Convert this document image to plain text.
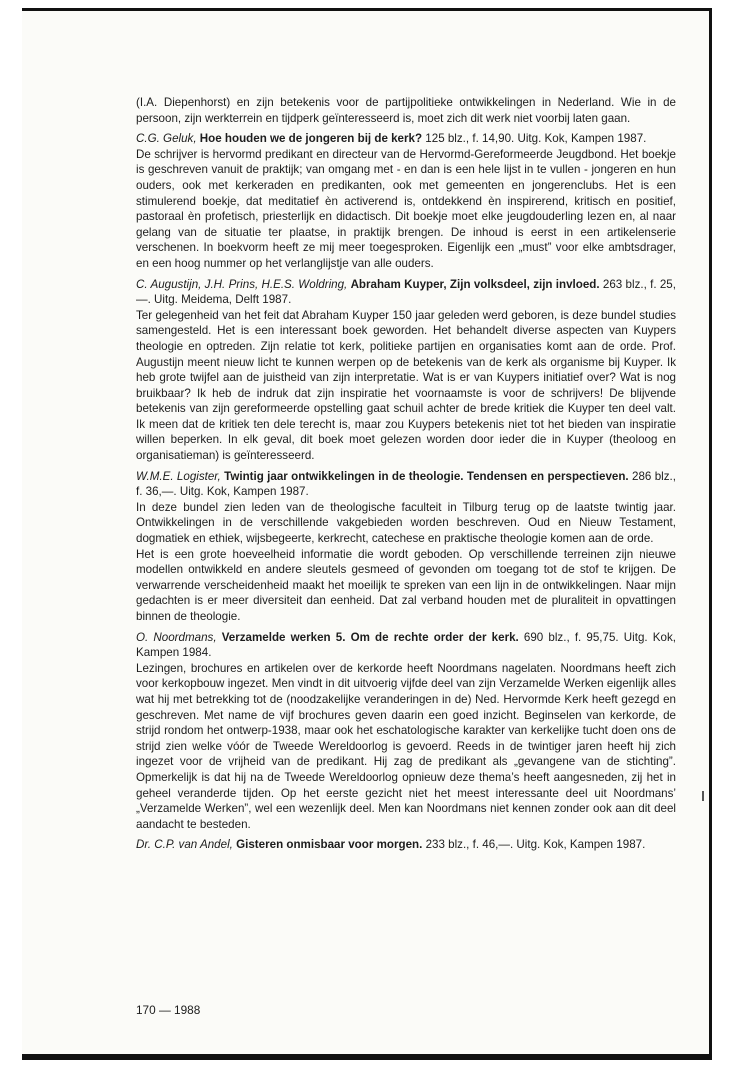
(I.A. Diepenhorst) en zijn betekenis voor de partijpolitieke ontwikkelingen in Nederland. Wie in de persoon, zijn werkterrein en tijdperk geïnteresseerd is, moet zich dit werk niet voorbij laten gaan.

C.G. Geluk, Hoe houden we de jongeren bij de kerk? 125 blz., f. 14,90. Uitg. Kok, Kampen 1987.

De schrijver is hervormd predikant en directeur van de Hervormd-Gereformeerde Jeugdbond. Het boekje is geschreven vanuit de praktijk; van omgang met - en dan is een hele lijst in te vullen - jongeren en hun ouders, ook met kerkeraden en predikanten, ook met gemeenten en jongerenclubs. Het is een stimulerend boekje, dat meditatief èn activerend is, ontdekkend èn inspirerend, kritisch en positief, pastoraal èn profetisch, priesterlijk en didactisch. Dit boekje moet elke jeugdouderling lezen en, al naar gelang van de situatie ter plaatse, in praktijk brengen. De inhoud is eerst in een artikelenserie verschenen. In boekvorm heeft ze mij meer toegesproken. Eigenlijk een „must” voor elke ambtsdrager, en een hoog nummer op het verlanglijstje van alle ouders.

C. Augustijn, J.H. Prins, H.E.S. Woldring, Abraham Kuyper, Zijn volksdeel, zijn invloed. 263 blz., f. 25,—. Uitg. Meidema, Delft 1987.

Ter gelegenheid van het feit dat Abraham Kuyper 150 jaar geleden werd geboren, is deze bundel studies samengesteld. Het is een interessant boek geworden. Het behandelt diverse aspecten van Kuypers theologie en optreden. Zijn relatie tot kerk, politieke partijen en organisaties komt aan de orde. Prof. Augustijn meent nieuw licht te kunnen werpen op de betekenis van de kerk als organisme bij Kuyper. Ik heb grote twijfel aan de juistheid van zijn interpretatie. Wat is er van Kuypers initiatief over? Wat is nog bruikbaar? Ik heb de indruk dat zijn inspiratie het voornaamste is voor de schrijvers! De blijvende betekenis van zijn gereformeerde opstelling gaat schuil achter de brede kritiek die Kuyper ten deel valt. Ik meen dat de kritiek ten dele terecht is, maar zou Kuypers betekenis niet tot het bieden van inspiratie willen beperken. In elk geval, dit boek moet gelezen worden door ieder die in Kuyper (theoloog en organisatieman) is geïnteresseerd.

W.M.E. Logister, Twintig jaar ontwikkelingen in de theologie. Tendensen en perspectieven. 286 blz., f. 36,—. Uitg. Kok, Kampen 1987.

In deze bundel zien leden van de theologische faculteit in Tilburg terug op de laatste twintig jaar. Ontwikkelingen in de verschillende vakgebieden worden beschreven. Oud en Nieuw Testament, dogmatiek en ethiek, wijsbegeerte, kerkrecht, catechese en praktische theologie komen aan de orde.

Het is een grote hoeveelheid informatie die wordt geboden. Op verschillende terreinen zijn nieuwe modellen ontwikkeld en andere sleutels gesmeed of gevonden om toegang tot de stof te krijgen. De verwarrende verscheidenheid maakt het moeilijk te spreken van een lijn in de ontwikkelingen. Naar mijn gedachten is er meer diversiteit dan eenheid. Dat zal verband houden met de pluraliteit in opvattingen binnen de theologie.

O. Noordmans, Verzamelde werken 5. Om de rechte order der kerk. 690 blz., f. 95,75. Uitg. Kok, Kampen 1984.

Lezingen, brochures en artikelen over de kerkorde heeft Noordmans nagelaten. Noordmans heeft zich voor kerkopbouw ingezet. Men vindt in dit uitvoerig vijfde deel van zijn Verzamelde Werken eigenlijk alles wat hij met betrekking tot de (noodzakelijke veranderingen in de) Ned. Hervormde Kerk heeft gezegd en geschreven. Met name de vijf brochures geven daarin een goed inzicht. Beginselen van kerkorde, de strijd rondom het ontwerp-1938, maar ook het eschatologische karakter van kerkelijke tucht doen ons de strijd zien welke vóór de Tweede Wereldoorlog is gevoerd. Reeds in de twintiger jaren heeft hij zich ingezet voor de vrijheid van de predikant. Hij zag de predikant als „gevangene van de stichting”. Opmerkelijk is dat hij na de Tweede Wereldoorlog opnieuw deze thema’s heeft aangesneden, zij het in geheel veranderde tijden. Op het eerste gezicht niet het meest interessante deel uit Noordmans’ „Verzamelde Werken”, wel een wezenlijk deel. Men kan Noordmans niet kennen zonder ook aan dit deel aandacht te besteden.

Dr. C.P. van Andel, Gisteren onmisbaar voor morgen. 233 blz., f. 46,—. Uitg. Kok, Kampen 1987.

170 — 1988
